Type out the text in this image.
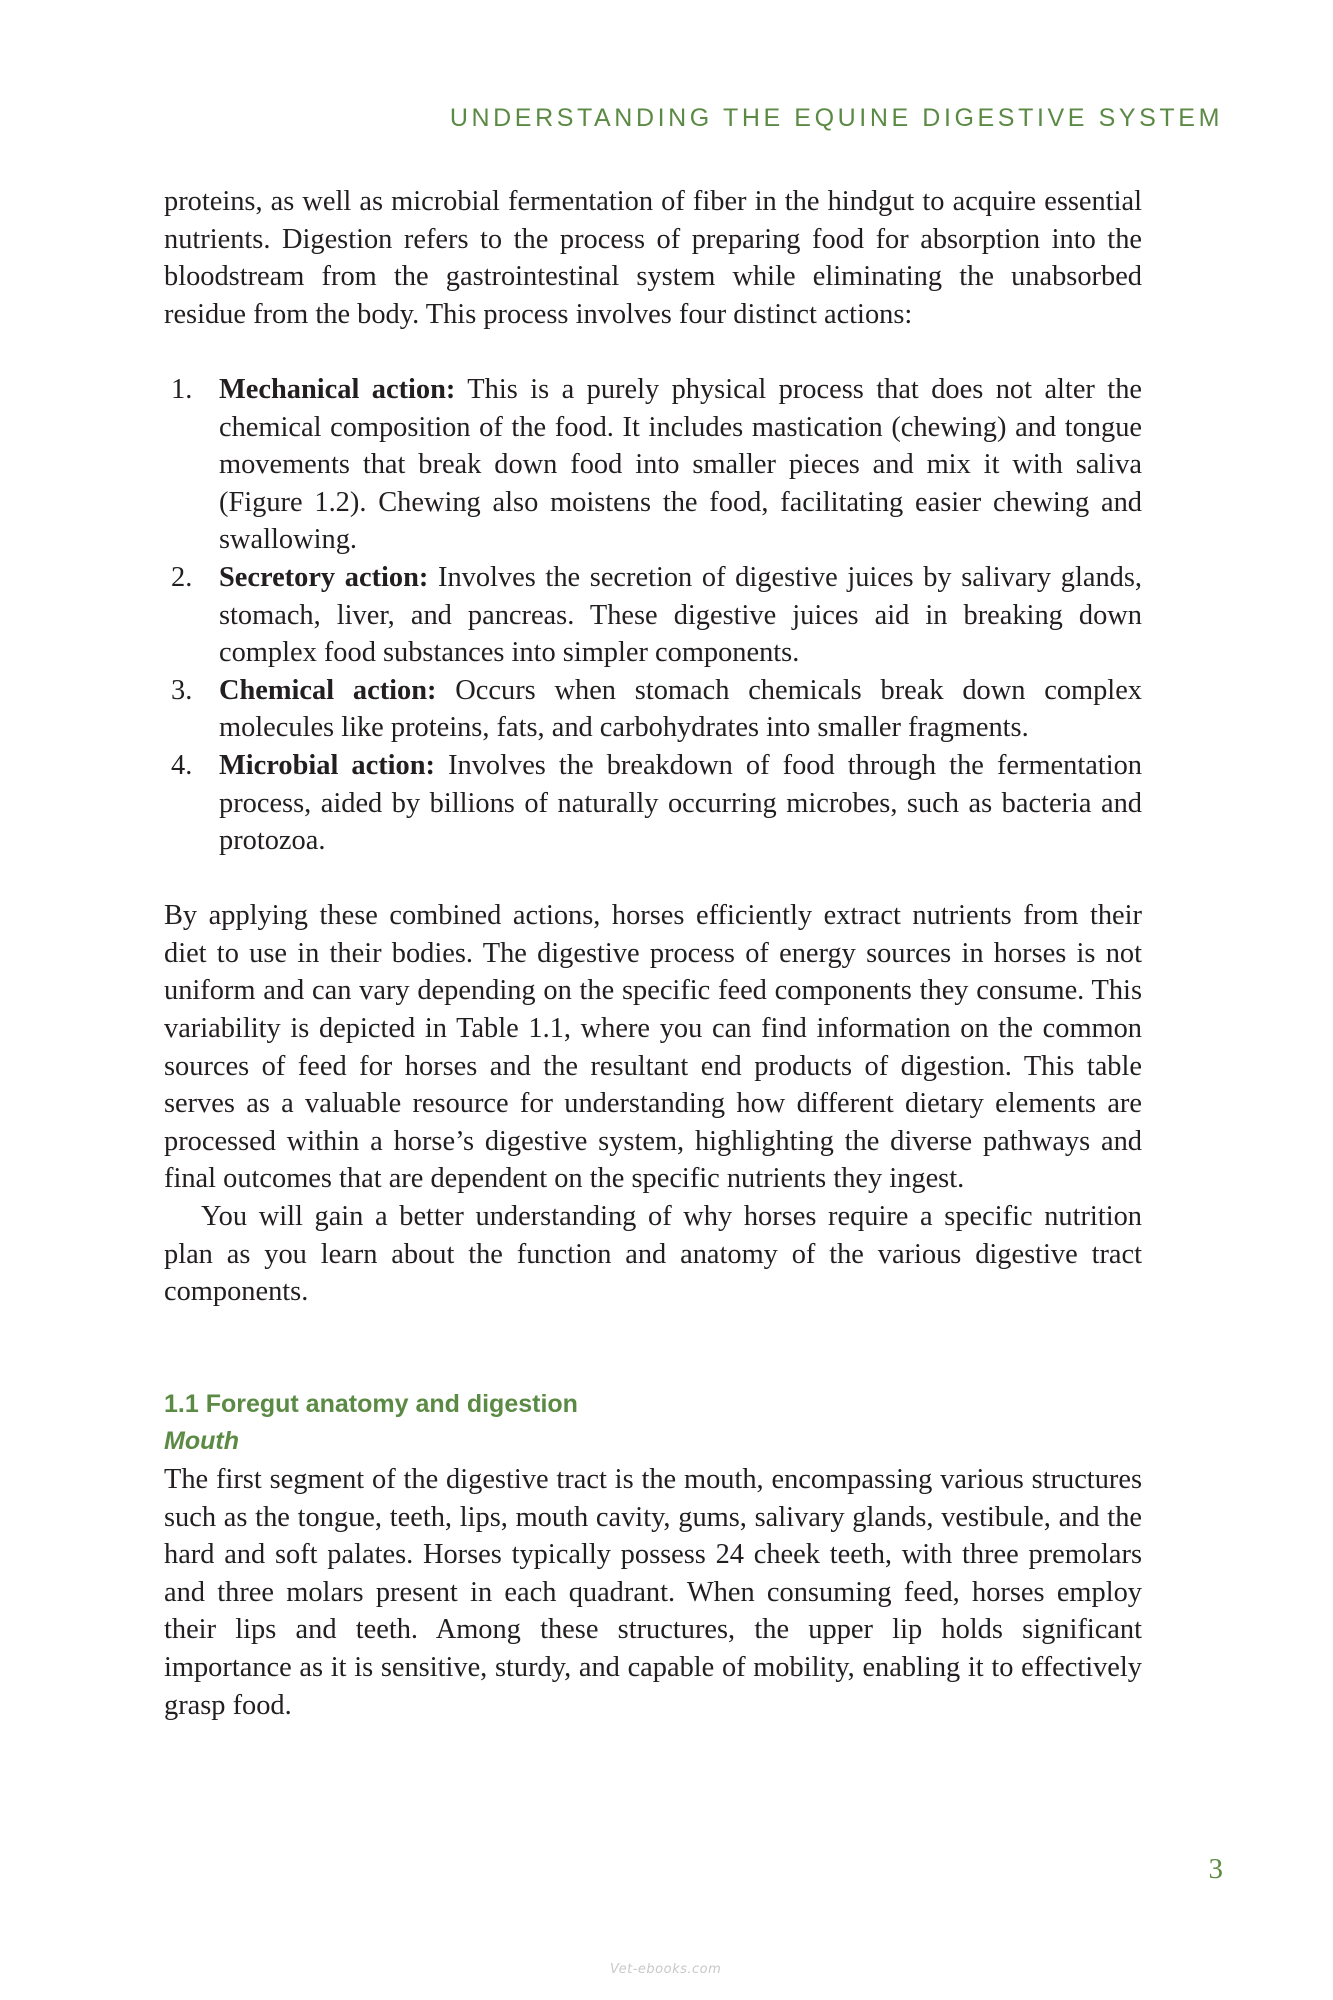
UNDERSTANDING THE EQUINE DIGESTIVE SYSTEM

proteins, as well as microbial fermentation of fiber in the hindgut to acquire essential nutrients. Digestion refers to the process of preparing food for absorption into the bloodstream from the gastrointestinal system while eliminating the unabsorbed residue from the body. This process involves four distinct actions:

1. Mechanical action: This is a purely physical process that does not alter the chemical composition of the food. It includes mastication (chewing) and tongue movements that break down food into smaller pieces and mix it with saliva (Figure 1.2). Chewing also moistens the food, facilitating easier chewing and swallowing.
2. Secretory action: Involves the secretion of digestive juices by salivary glands, stomach, liver, and pancreas. These digestive juices aid in breaking down complex food substances into simpler components.
3. Chemical action: Occurs when stomach chemicals break down complex molecules like proteins, fats, and carbohydrates into smaller fragments.
4. Microbial action: Involves the breakdown of food through the fermentation process, aided by billions of naturally occurring microbes, such as bacteria and protozoa.

By applying these combined actions, horses efficiently extract nutrients from their diet to use in their bodies. The digestive process of energy sources in horses is not uniform and can vary depending on the specific feed components they consume. This variability is depicted in Table 1.1, where you can find information on the common sources of feed for horses and the resultant end products of digestion. This table serves as a valuable resource for understanding how different dietary elements are processed within a horse’s digestive system, highlighting the diverse pathways and final outcomes that are dependent on the specific nutrients they ingest.

You will gain a better understanding of why horses require a specific nutrition plan as you learn about the function and anatomy of the various digestive tract components.

1.1 Foregut anatomy and digestion

Mouth

The first segment of the digestive tract is the mouth, encompassing various structures such as the tongue, teeth, lips, mouth cavity, gums, salivary glands, vestibule, and the hard and soft palates. Horses typically possess 24 cheek teeth, with three premolars and three molars present in each quadrant. When consuming feed, horses employ their lips and teeth. Among these structures, the upper lip holds significant importance as it is sensitive, sturdy, and capable of mobility, enabling it to effectively grasp food.

3
Vet-ebooks.com
